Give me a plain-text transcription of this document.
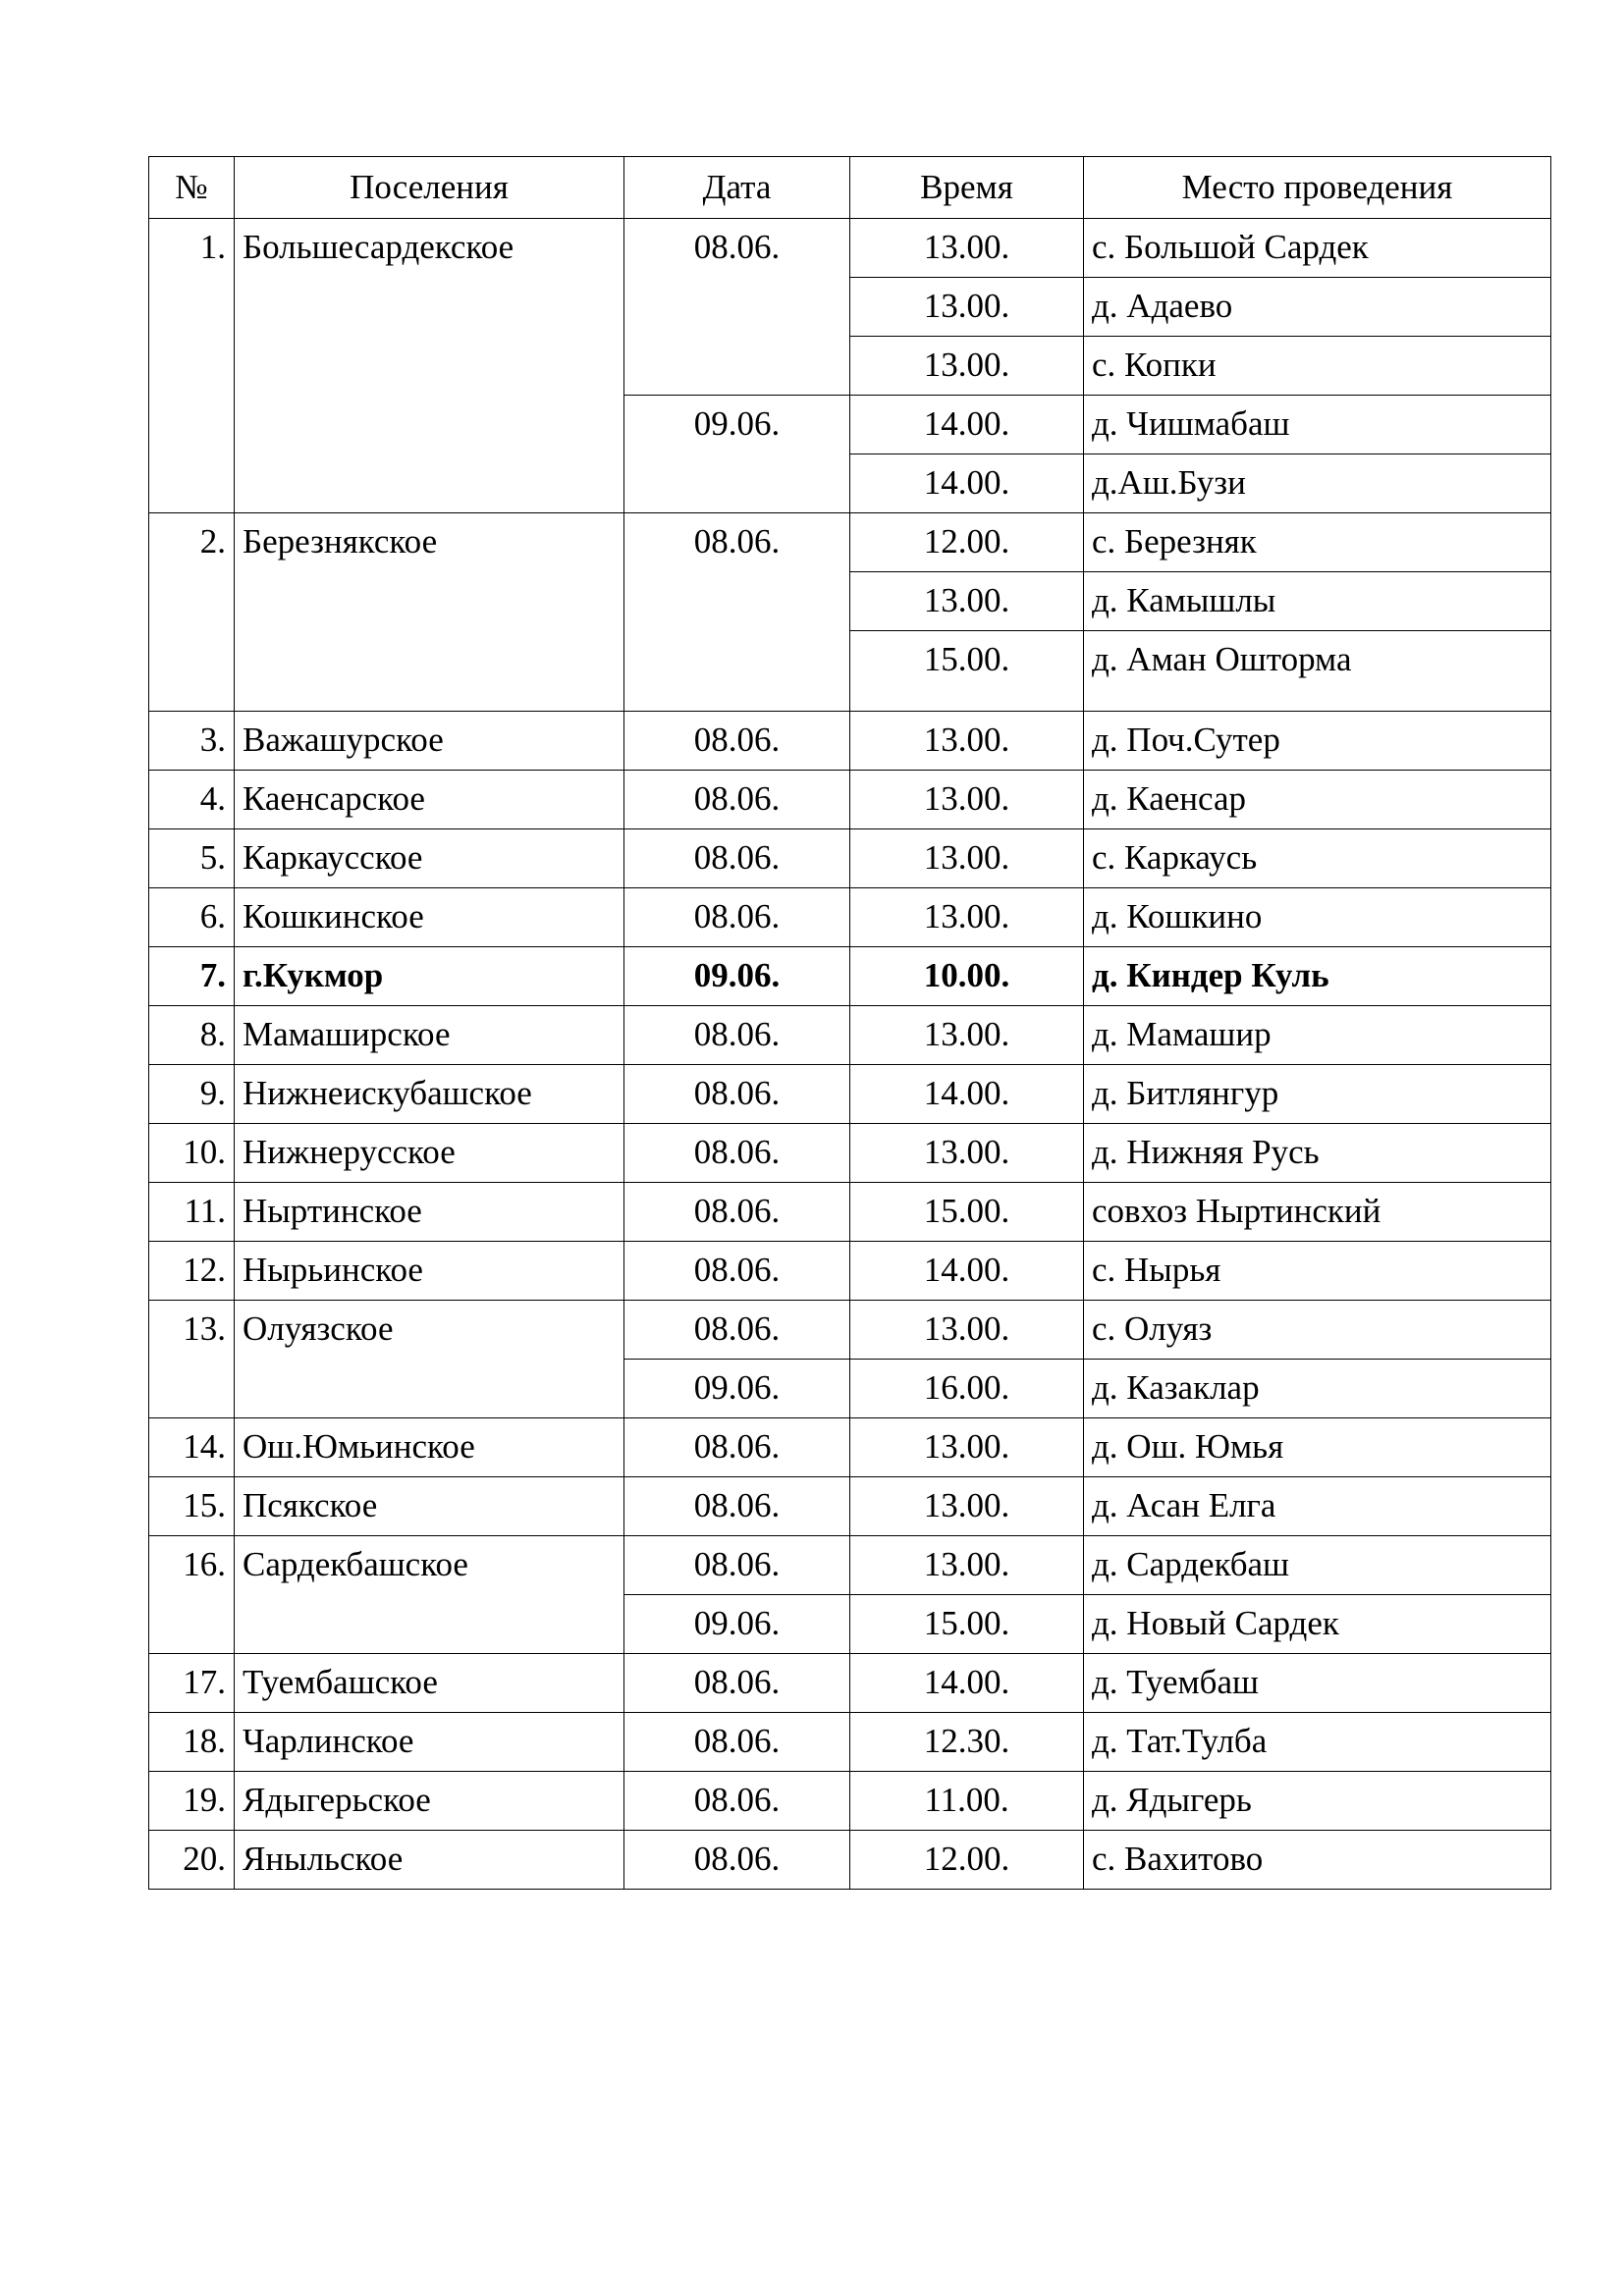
№	Поселения	Дата	Время	Место проведения
1.	Большесардекское	08.06.	13.00.	с. Большой Сардек
			13.00.	д. Адаево
			13.00.	с. Копки
		09.06.	14.00.	д. Чишмабаш
			14.00.	д.Аш.Бузи
2.	Березнякское	08.06.	12.00.	с. Березняк
			13.00.	д. Камышлы
			15.00.	д. Аман Ошторма
3.	Важашурское	08.06.	13.00.	д. Поч.Сутер
4.	Каенсарское	08.06.	13.00.	д. Каенсар
5.	Каркаусское	08.06.	13.00.	с. Каркаусь
6.	Кошкинское	08.06.	13.00.	д. Кошкино
7.	г.Кукмор	09.06.	10.00.	д. Киндер Куль
8.	Мамаширское	08.06.	13.00.	д. Мамашир
9.	Нижнеискубашское	08.06.	14.00.	д. Битлянгур
10.	Нижнерусское	08.06.	13.00.	д. Нижняя Русь
11.	Ныртинское	08.06.	15.00.	совхоз Ныртинский
12.	Нырьинское	08.06.	14.00.	с. Нырья
13.	Олуязское	08.06.	13.00.	с. Олуяз
		09.06.	16.00.	д. Казаклар
14.	Ош.Юмьинское	08.06.	13.00.	д. Ош. Юмья
15.	Псякское	08.06.	13.00.	д. Асан Елга
16.	Сардекбашское	08.06.	13.00.	д. Сардекбаш
		09.06.	15.00.	д. Новый Сардек
17.	Туембашское	08.06.	14.00.	д. Туембаш
18.	Чарлинское	08.06.	12.30.	д. Тат.Тулба
19.	Ядыгерьское	08.06.	11.00.	д. Ядыгерь
20.	Яныльское	08.06.	12.00.	с. Вахитово
